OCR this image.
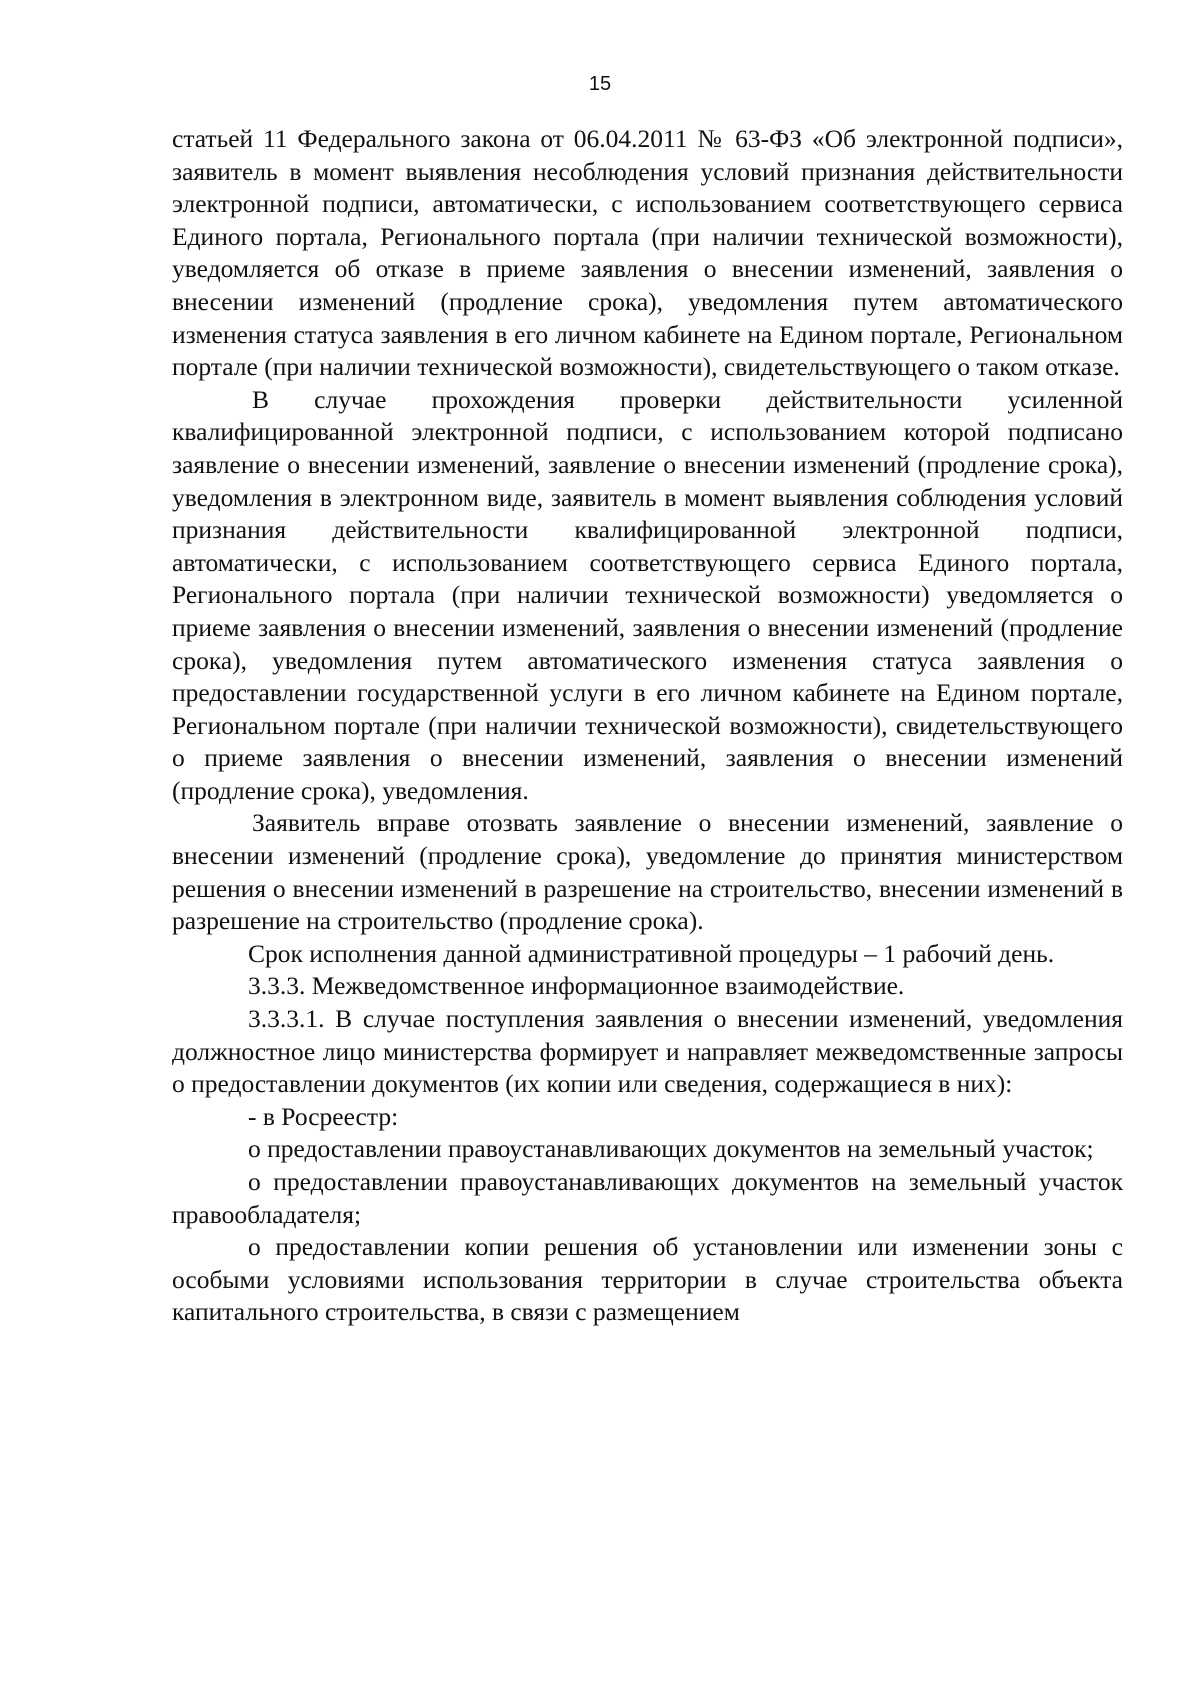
15

статьей 11 Федерального закона от 06.04.2011 № 63-ФЗ «Об электронной подписи», заявитель в момент выявления несоблюдения условий признания действительности электронной подписи, автоматически, с использованием соответствующего сервиса Единого портала, Регионального портала (при наличии технической возможности), уведомляется об отказе в приеме заявления о внесении изменений, заявления о внесении изменений (продление срока), уведомления путем автоматического изменения статуса заявления в его личном кабинете на Едином портале, Региональном портале (при наличии технической возможности), свидетельствующего о таком отказе.

В случае прохождения проверки действительности усиленной квалифицированной электронной подписи, с использованием которой подписано заявление о внесении изменений, заявление о внесении изменений (продление срока), уведомления в электронном виде, заявитель в момент выявления соблюдения условий признания действительности квалифицированной электронной подписи, автоматически, с использованием соответствующего сервиса Единого портала, Регионального портала (при наличии технической возможности) уведомляется о приеме заявления о внесении изменений, заявления о внесении изменений (продление срока), уведомления путем автоматического изменения статуса заявления о предоставлении государственной услуги в его личном кабинете на Едином портале, Региональном портале (при наличии технической возможности), свидетельствующего о приеме заявления о внесении изменений, заявления о внесении изменений (продление срока), уведомления.

Заявитель вправе отозвать заявление о внесении изменений, заявление о внесении изменений (продление срока), уведомление до принятия министерством решения о внесении изменений в разрешение на строительство, внесении изменений в разрешение на строительство (продление срока).

Срок исполнения данной административной процедуры – 1 рабочий день.

3.3.3. Межведомственное информационное взаимодействие.

3.3.3.1. В случае поступления заявления о внесении изменений, уведомления должностное лицо министерства формирует и направляет межведомственные запросы о предоставлении документов (их копии или сведения, содержащиеся в них):

- в Росреестр:

о предоставлении правоустанавливающих документов на земельный участок;

о предоставлении правоустанавливающих документов на земельный участок правообладателя;

о предоставлении копии решения об установлении или изменении зоны с особыми условиями использования территории в случае строительства объекта капитального строительства, в связи с размещением
